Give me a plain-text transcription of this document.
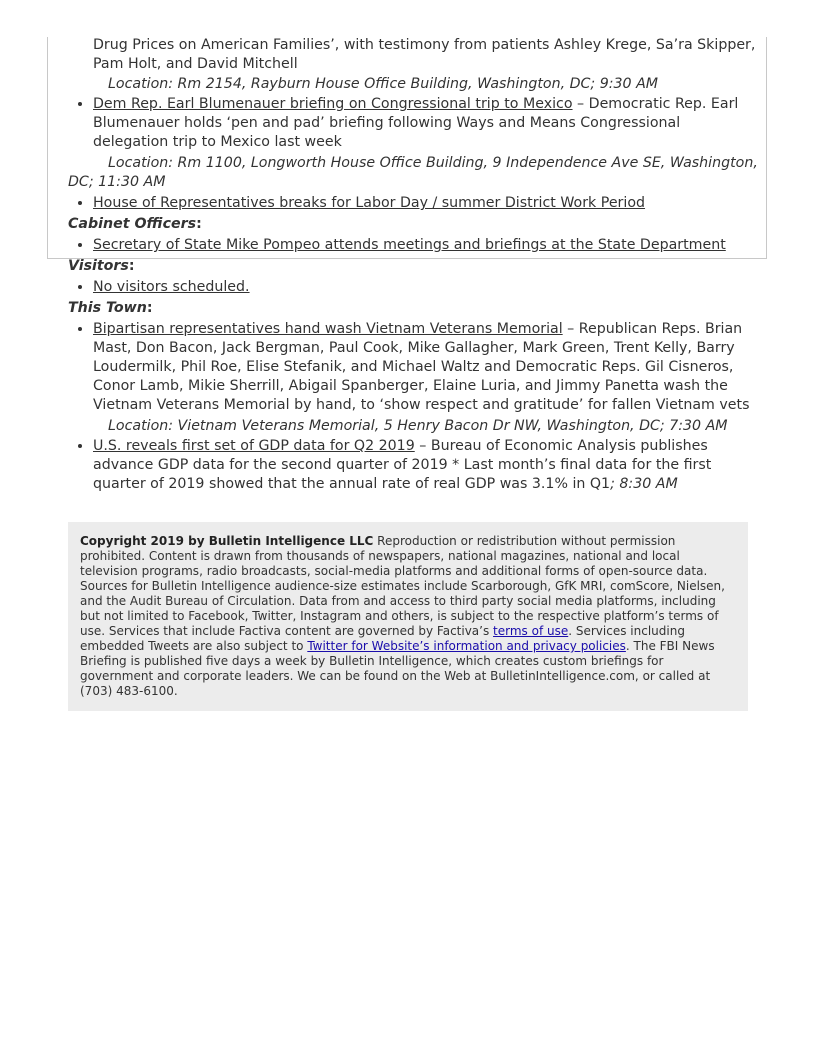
Drug Prices on American Families’, with testimony from patients Ashley Krege, Sa’ra Skipper, Pam Holt, and David Mitchell

Location: Rm 2154, Rayburn House Office Building, Washington, DC; 9:30 AM

• Dem Rep. Earl Blumenauer briefing on Congressional trip to Mexico – Democratic Rep. Earl Blumenauer holds ‘pen and pad’ briefing following Ways and Means Congressional delegation trip to Mexico last week

Location: Rm 1100, Longworth House Office Building, 9 Independence Ave SE, Washington, DC; 11:30 AM

• House of Representatives breaks for Labor Day / summer District Work Period

Cabinet Officers:

• Secretary of State Mike Pompeo attends meetings and briefings at the State Department

Visitors:

• No visitors scheduled.

This Town:

• Bipartisan representatives hand wash Vietnam Veterans Memorial – Republican Reps. Brian Mast, Don Bacon, Jack Bergman, Paul Cook, Mike Gallagher, Mark Green, Trent Kelly, Barry Loudermilk, Phil Roe, Elise Stefanik, and Michael Waltz and Democratic Reps. Gil Cisneros, Conor Lamb, Mikie Sherrill, Abigail Spanberger, Elaine Luria, and Jimmy Panetta wash the Vietnam Veterans Memorial by hand, to ‘show respect and gratitude’ for fallen Vietnam vets

Location: Vietnam Veterans Memorial, 5 Henry Bacon Dr NW, Washington, DC; 7:30 AM

• U.S. reveals first set of GDP data for Q2 2019 – Bureau of Economic Analysis publishes advance GDP data for the second quarter of 2019 * Last month’s final data for the first quarter of 2019 showed that the annual rate of real GDP was 3.1% in Q1; 8:30 AM
Copyright 2019 by Bulletin Intelligence LLC Reproduction or redistribution without permission prohibited. Content is drawn from thousands of newspapers, national magazines, national and local television programs, radio broadcasts, social-media platforms and additional forms of open-source data. Sources for Bulletin Intelligence audience-size estimates include Scarborough, GfK MRI, comScore, Nielsen, and the Audit Bureau of Circulation. Data from and access to third party social media platforms, including but not limited to Facebook, Twitter, Instagram and others, is subject to the respective platform’s terms of use. Services that include Factiva content are governed by Factiva’s terms of use. Services including embedded Tweets are also subject to Twitter for Website’s information and privacy policies. The FBI News Briefing is published five days a week by Bulletin Intelligence, which creates custom briefings for government and corporate leaders. We can be found on the Web at BulletinIntelligence.com, or called at (703) 483-6100.
